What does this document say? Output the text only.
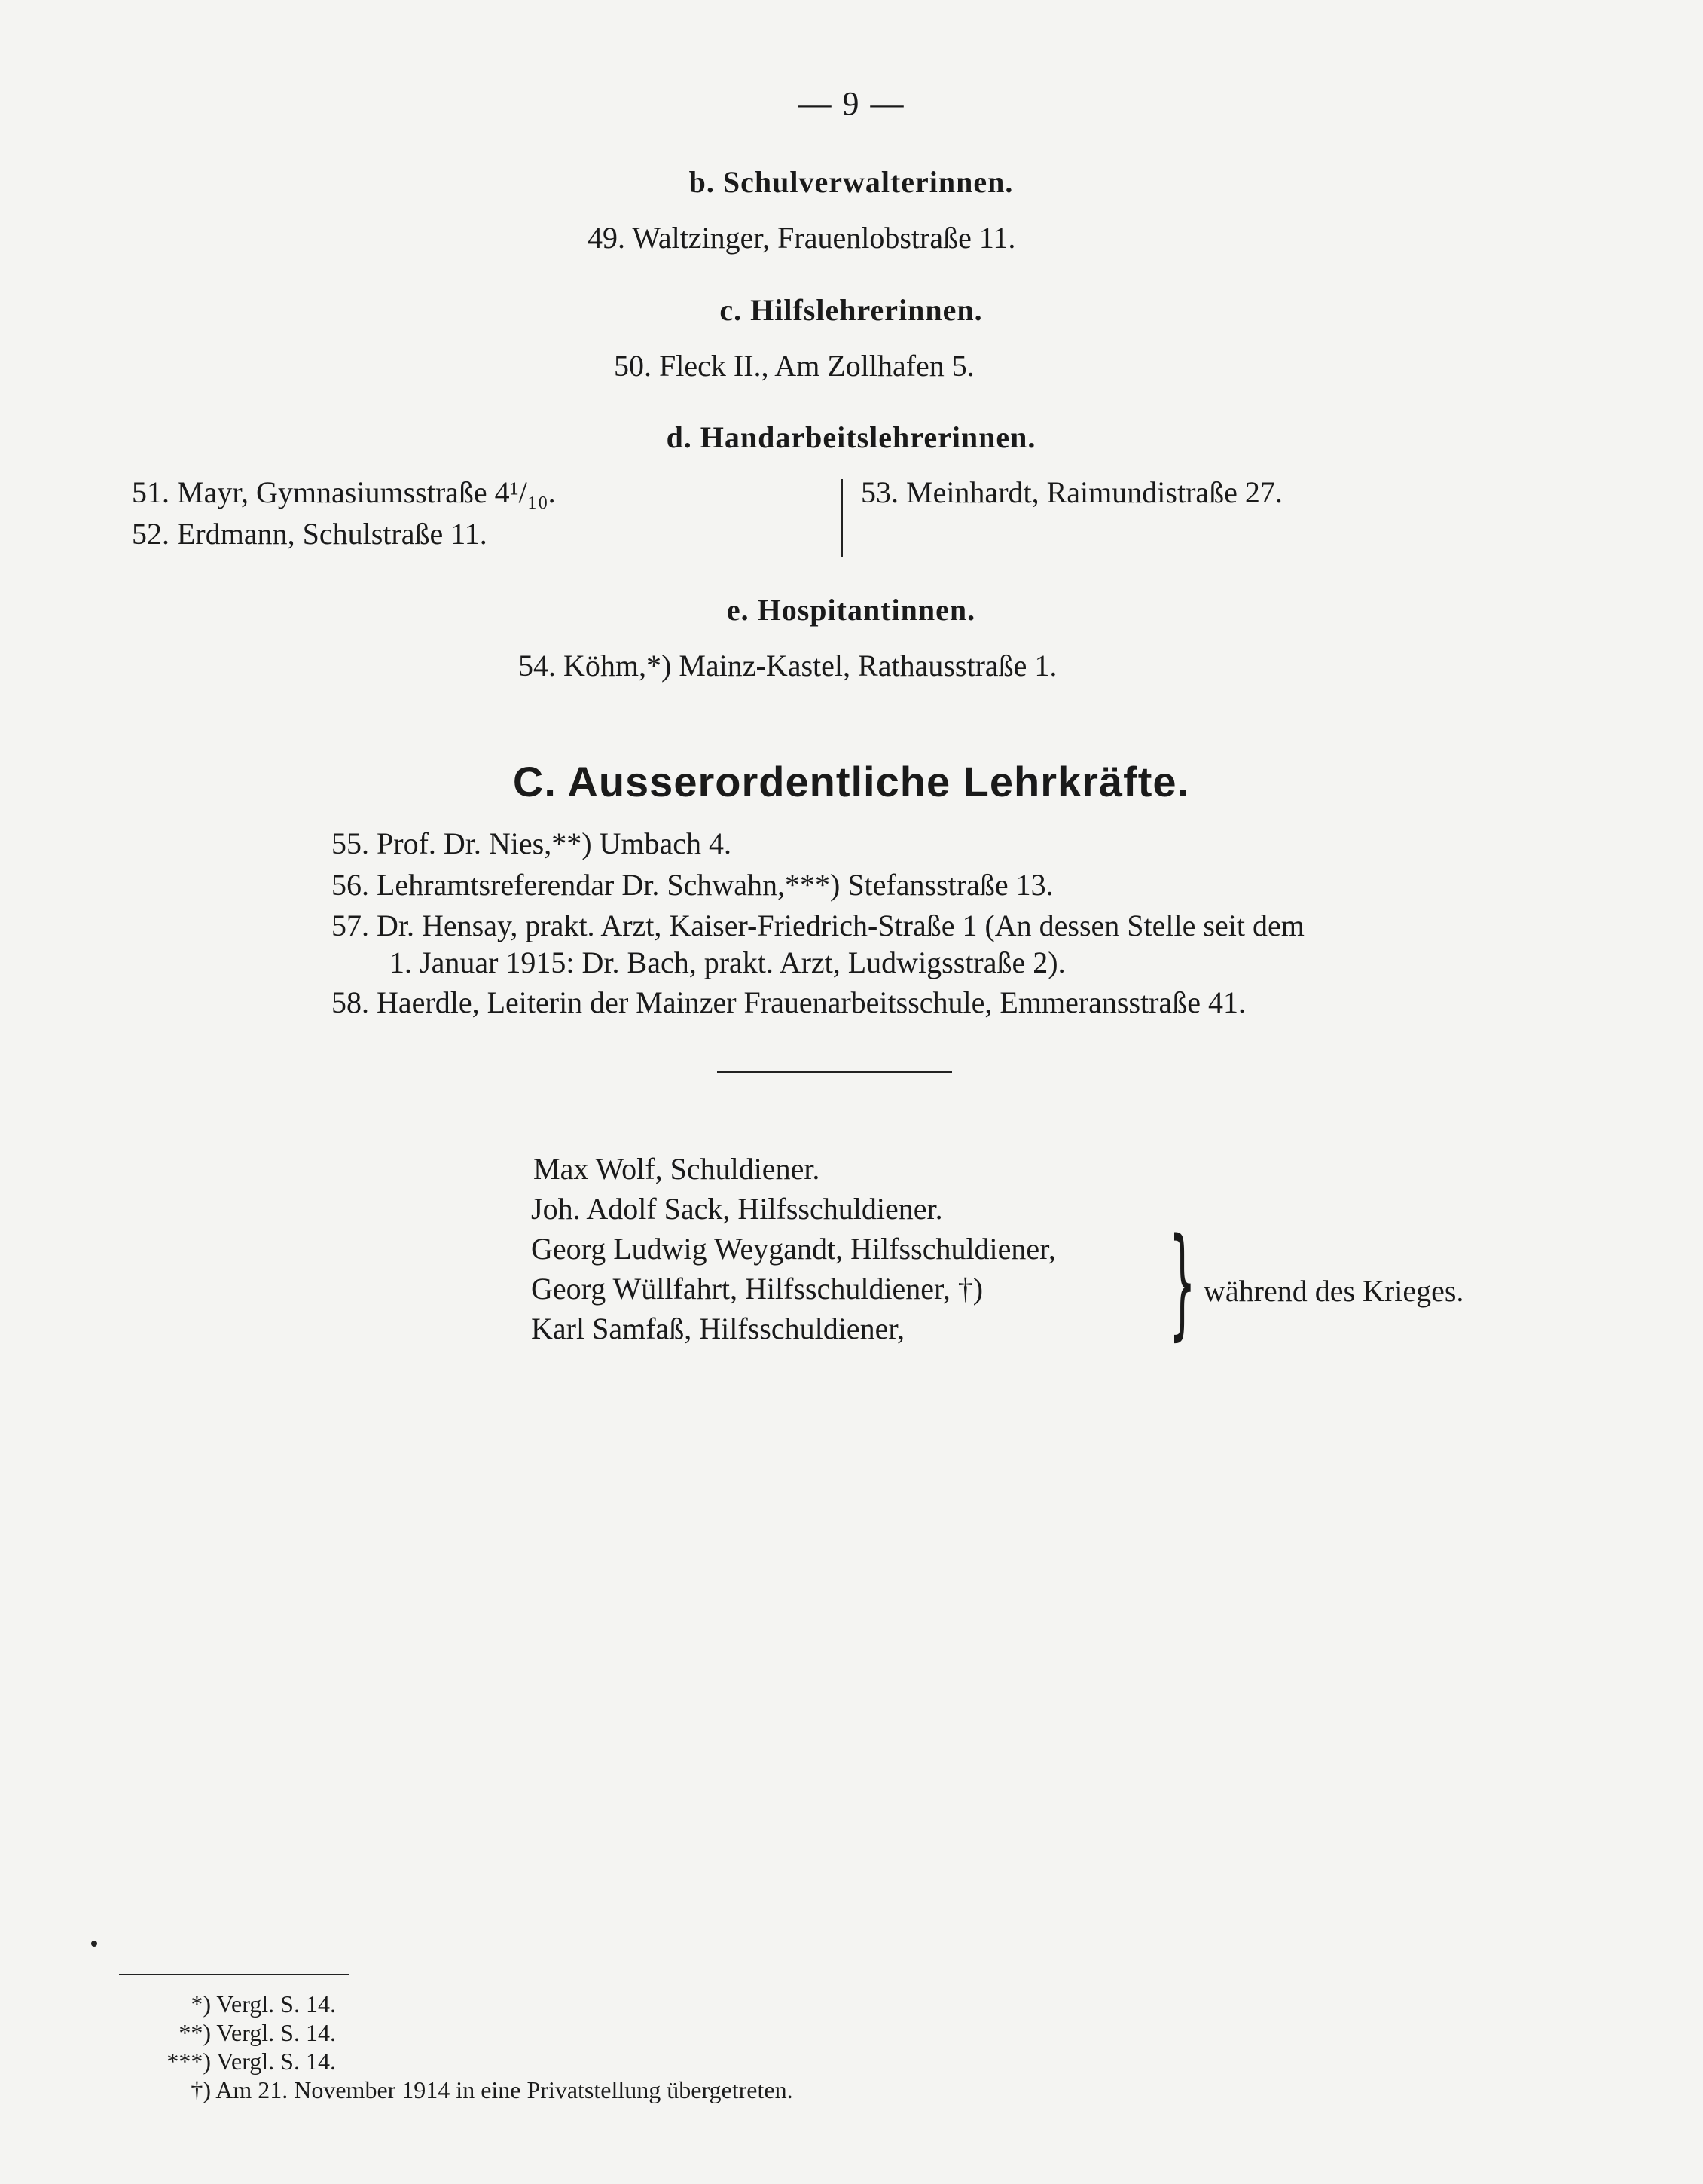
— 9 —
b. Schulverwalterinnen.
49. Waltzinger, Frauenlobstraße 11.
c. Hilfslehrerinnen.
50. Fleck II., Am Zollhafen 5.
d. Handarbeitslehrerinnen.
51. Mayr, Gymnasiumsstraße 4¹/₁₀.
52. Erdmann, Schulstraße 11.
53. Meinhardt, Raimundistraße 27.
e. Hospitantinnen.
54. Köhm,*) Mainz-Kastel, Rathausstraße 1.
C. Ausserordentliche Lehrkräfte.
55. Prof. Dr. Nies,**) Umbach 4.
56. Lehramtsreferendar Dr. Schwahn,***) Stefansstraße 13.
57. Dr. Hensay, prakt. Arzt, Kaiser-Friedrich-Straße 1 (An dessen Stelle seit dem
1. Januar 1915: Dr. Bach, prakt. Arzt, Ludwigsstraße 2).
58. Haerdle, Leiterin der Mainzer Frauenarbeitsschule, Emmeransstraße 41.
Max Wolf, Schuldiener.
Joh. Adolf Sack, Hilfsschuldiener.
Georg Ludwig Weygandt, Hilfsschuldiener,
Georg Wüllfahrt, Hilfsschuldiener, †)
Karl Samfaß, Hilfsschuldiener, } während des Krieges.
*) Vergl. S. 14.
**) Vergl. S. 14.
***) Vergl. S. 14.
†) Am 21. November 1914 in eine Privatstellung übergetreten.
